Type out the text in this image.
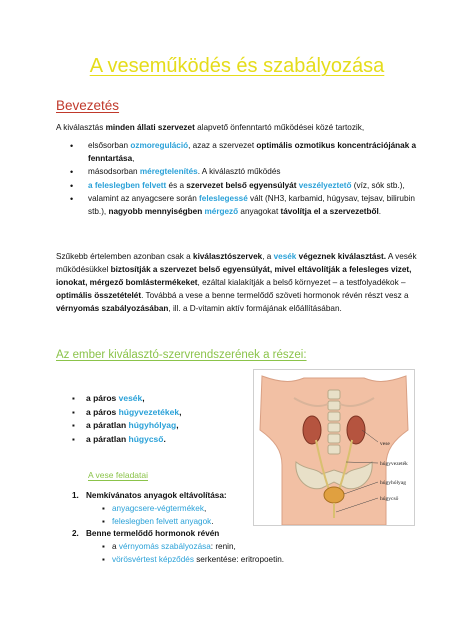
A veseműködés és szabályozása
Bevezetés
A kiválasztás minden állati szervezet alapvető önfenntartó működései közé tartozik,
• elsősorban ozmoreguláció, azaz a szervezet optimális ozmotikus koncentrációjának a fenntartása,
• másodsorban méregtelenítés. A kiválasztó működés
• a feleslegben felvett és a szervezet belső egyensúlyát veszélyeztető (víz, sók stb.),
• valamint az anyagcsere során feleslegessé vált (NH3, karbamid, húgysav, tejsav, bilirubin stb.), nagyobb mennyiségben mérgező anyagokat távolítja el a szervezetből.
Szűkebb értelemben azonban csak a kiválasztószervek, a vesék végeznek kiválasztást. A vesék működésükkel biztosítják a szervezet belső egyensúlyát, mivel eltávolítják a felesleges vizet, ionokat, mérgező bomlástermékeket, ezáltal kialakítják a belső környezet – a testfolyadékok – optimális összetételét. Továbbá a vese a benne termelődő szöveti hormonok révén részt vesz a vérnyomás szabályozásában, ill. a D-vitamin aktív formájának előállításában.
Az ember kiválasztó-szervrendszerének a részei:
▪ a páros vesék,
▪ a páros húgyvezetékek,
▪ a páratlan húgyhólyag,
▪ a páratlan húgycső.
vese
húgyvezeték
húgyhólyag
húgycső
A vese feladatai
1. Nemkívánatos anyagok eltávolítása:
▪ anyagcsere-végtermékek,
▪ feleslegben felvett anyagok.
2. Benne termelődő hormonok révén
▪ a vérnyomás szabályozása: renin,
▪ vörösvértest képződés serkentése: eritropoetin.
